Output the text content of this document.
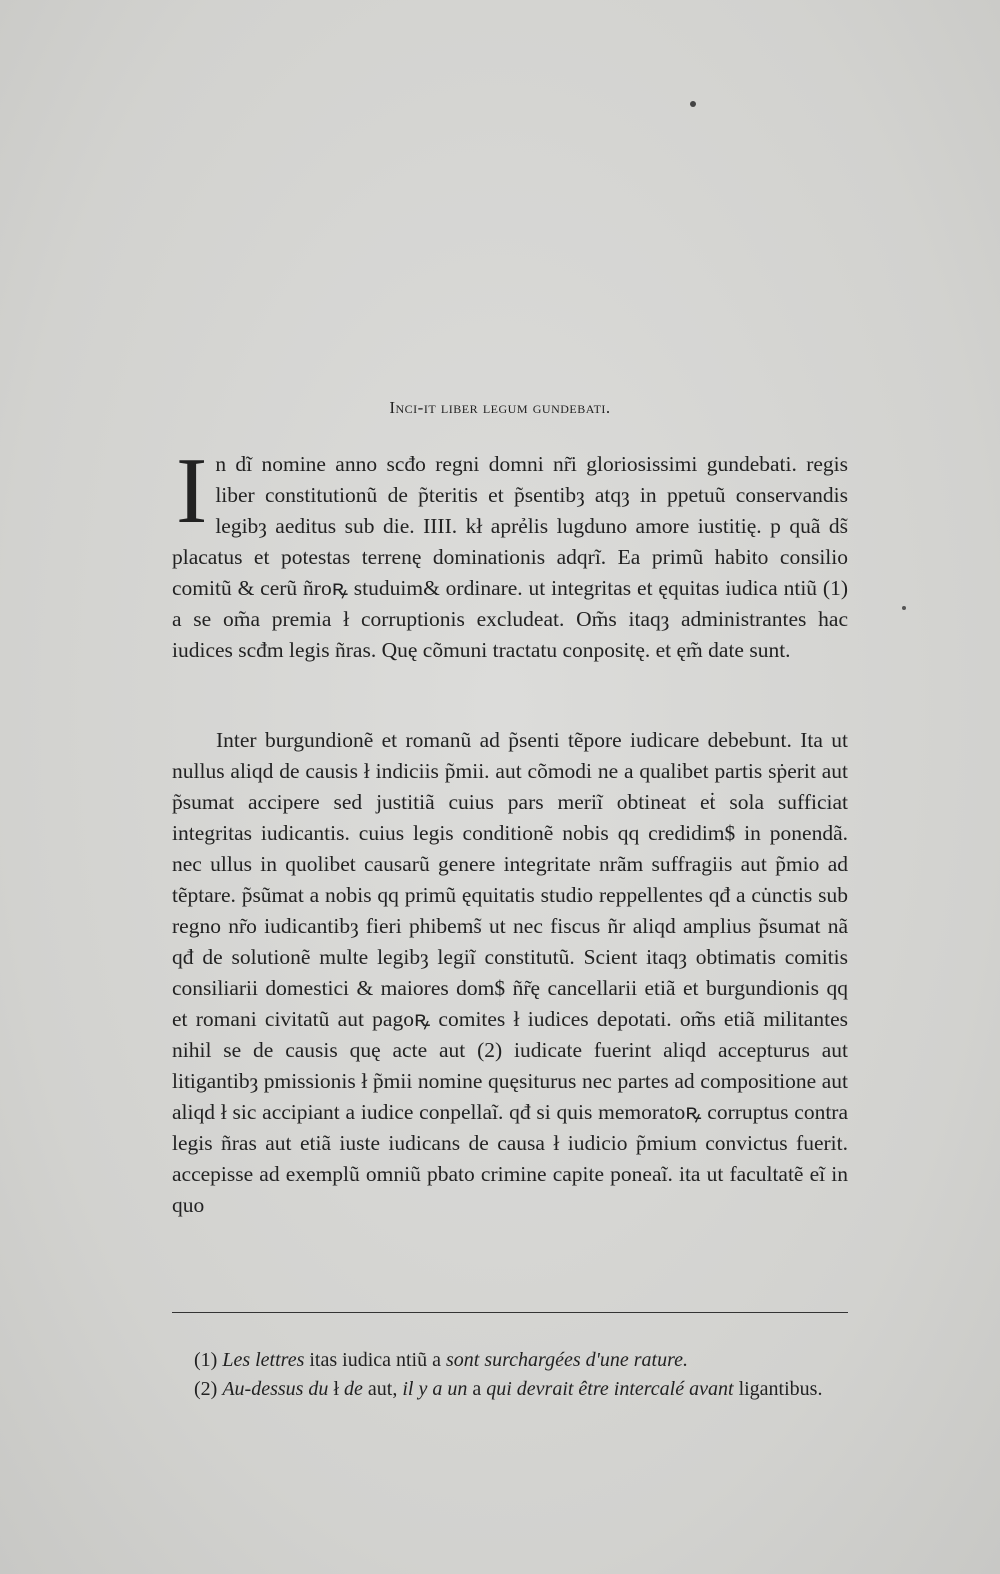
Inci-it liber legum gundebati.
I n dĩ nomine anno scđo regni domni nr̃i gloriosissimi gundebati. regis liber constitutionũ de p̃teritis et p̃sentibȝ atqȝ in ppetuũ conservandis legibȝ aeditus sub die. IIII. kł aprẻlis lugduno amore iustitię. p quã ds̃ placatus et potestas terrenę dominationis adqrĩ. Ea primũ habito consilio comitũ & cerũ ñroꝶ studuim& ordinare. ut integritas et ęquitas iudica ntiũ (1) a se om̃a premia ł corruptionis excludeat. Om̃s itaqȝ administrantes hac iudices scđm legis ñras. Quę cõmuni tractatu conpositę. et ęm̃ date sunt.
Inter burgundionẽ et romanũ ad p̃senti tẽpore iudicare debebunt. Ita ut nullus aliqd de causis ł indiciis p̃mii. aut cõmodi ne a qualibet partis sṗerit aut p̃sumat accipere sed justitiã cuius pars meriĩ obtineat eṫ sola sufficiat integritas iudicantis. cuius legis conditionẽ nobis qq credidim$ in ponendã. nec ullus in quolibet causarũ genere integritate nrãm suffragiis aut p̃mio ad tẽptare. p̃sũmat a nobis qq primũ ęquitatis studio reppellentes qđ a cu̇nctis sub regno nr̃o iudicantibȝ fieri phibems̃ ut nec fiscus ñr aliqd amplius p̃sumat nã qđ de solutionẽ multe legibȝ legiĩ constitutũ. Scient itaqȝ obtimatis comitis consiliarii domestici & maiores dom$ ñr̃ę cancellarii etiã et burgundionis qq et romani civitatũ aut pagoꝶ comites ł iudices depotati. om̃s etiã militantes nihil se de causis quę acte aut (2) iudicate fuerint aliqd accepturus aut litigantibȝ pmissionis ł p̃mii nomine quęsiturus nec partes ad compositione aut aliqd ł sic accipiant a iudice conpellaĩ. qđ si quis memoratoꝶ corruptus contra legis ñras aut etiã iuste iudicans de causa ł iudicio p̃mium convictus fuerit. accepisse ad exemplũ omniũ pbato crimine capite poneaĩ. ita ut facultatẽ eĩ in quo
(1) Les lettres itas iudica ntiũ a sont surchargées d'une rature.
(2) Au-dessus du ł de aut, il y a un a qui devrait être intercalé avant ligantibus.
